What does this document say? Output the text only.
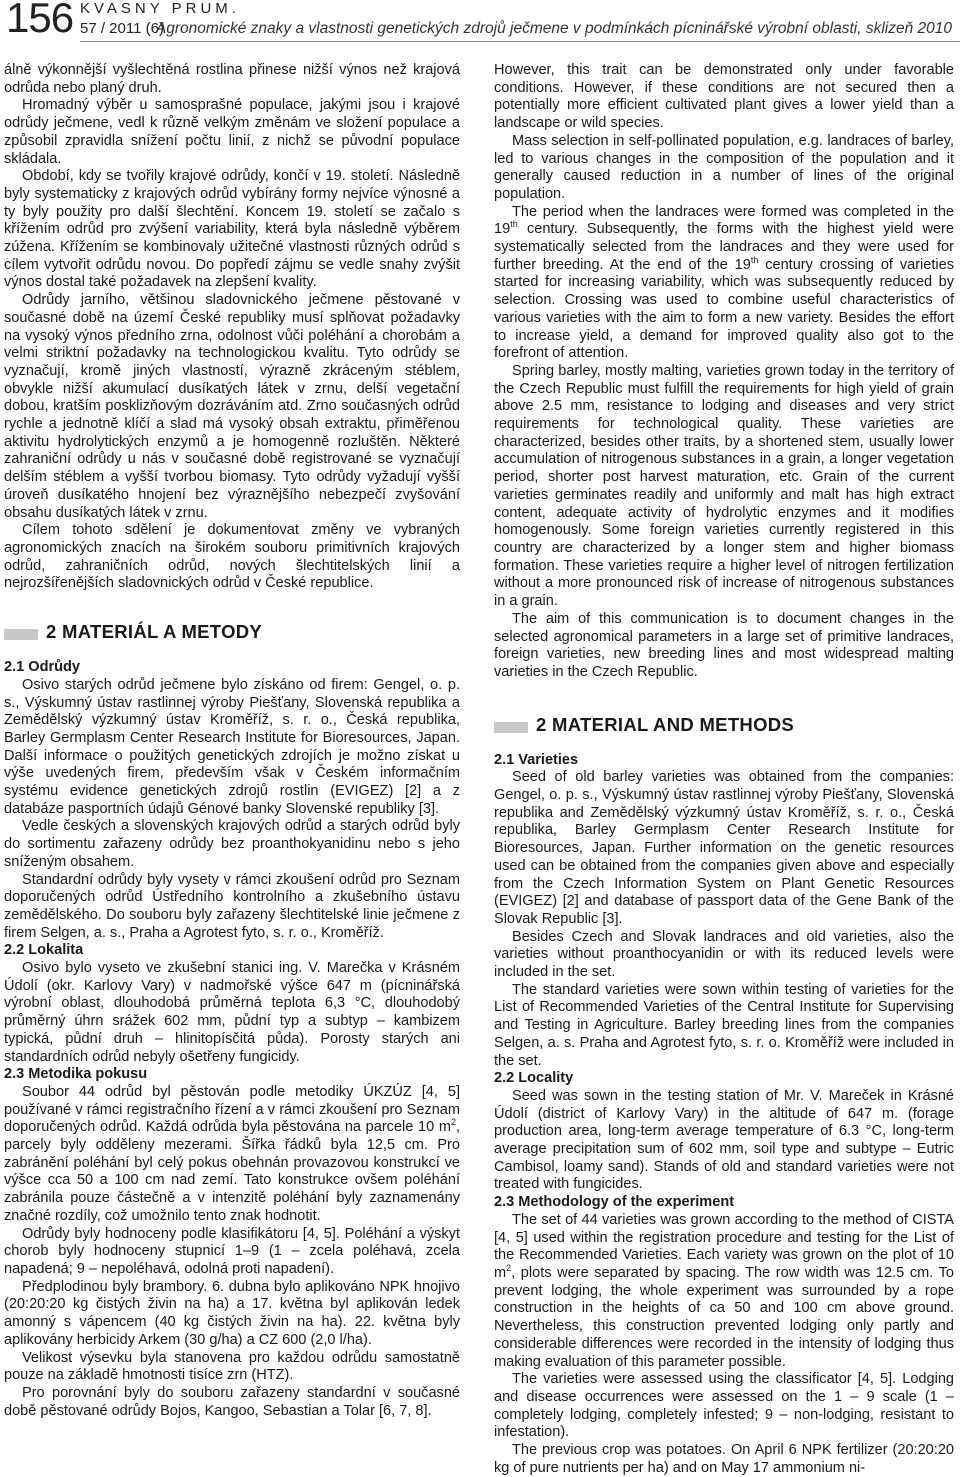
156 KVASNY PRUM.
57 / 2011 (6)
Agronomické znaky a vlastnosti genetických zdrojů ječmene v podmínkách pícninářské výrobní oblasti, sklizeň 2010

álně výkonnější vyšlechtěná rostlina přinese nižší výnos než krajová odrůda nebo planý druh.

Hromadný výběr u samosprašné populace, jakými jsou i krajové odrůdy ječmene, vedl k různě velkým změnám ve složení populace a způsobil zpravidla snížení počtu linií, z nichž se původní populace skládala.

Období, kdy se tvořily krajové odrůdy, končí v 19. století. Následně byly systematicky z krajových odrůd vybírány formy nejvíce výnosné a ty byly použity pro další šlechtění. Koncem 19. století se začalo s křížením odrůd pro zvýšení variability, která byla následně výběrem zúžena. Křížením se kombinovaly užitečné vlastnosti různých odrůd s cílem vytvořit odrůdu novou. Do popředí zájmu se vedle snahy zvýšit výnos dostal také požadavek na zlepšení kvality.

Odrůdy jarního, většinou sladovnického ječmene pěstované v současné době na území České republiky musí splňovat požadavky na vysoký výnos předního zrna, odolnost vůči poléhání a chorobám a velmi striktní požadavky na technologickou kvalitu. Tyto odrůdy se vyznačují, kromě jiných vlastností, výrazně zkráceným stéblem, obvykle nižší akumulací dusíkatých látek v zrnu, delší vegetační dobou, kratším posklizňovým dozráváním atd. Zrno současných odrůd rychle a jednotně klíčí a slad má vysoký obsah extraktu, přiměřenou aktivitu hydrolytických enzymů a je homogenně rozluštěn. Některé zahraniční odrůdy u nás v současné době registrované se vyznačují delším stéblem a vyšší tvorbou biomasy. Tyto odrůdy vyžadují vyšší úroveň dusíkatého hnojení bez výraznějšího nebezpečí zvyšování obsahu dusíkatých látek v zrnu.

Cílem tohoto sdělení je dokumentovat změny ve vybraných agronomických znacích na širokém souboru primitivních krajových odrůd, zahraničních odrůd, nových šlechtitelských linií a nejrozšířenějších sladovnických odrůd v České republice.

2 MATERIÁL A METODY

2.1 Odrůdy

Osivo starých odrůd ječmene bylo získáno od firem: Gengel, o. p. s., Výskumný ústav rastlinnej výroby Piešťany, Slovenská republika a Zemědělský výzkumný ústav Kroměříž, s. r. o., Česká republika, Barley Germplasm Center Research Institute for Bioresources, Japan. Další informace o použitých genetických zdrojích je možno získat u výše uvedených firem, především však v Českém informačním systému evidence genetických zdrojů rostlin (EVIGEZ) [2] a z databáze pasportních údajů Génové banky Slovenské republiky [3].

Vedle českých a slovenských krajových odrůd a starých odrůd byly do sortimentu zařazeny odrůdy bez proanthokyanidinu nebo s jeho sníženým obsahem.

Standardní odrůdy byly vysety v rámci zkoušení odrůd pro Seznam doporučených odrůd Ústředního kontrolního a zkušebního ústavu zemědělského. Do souboru byly zařazeny šlechtitelské linie ječmene z firem Selgen, a. s., Praha a Agrotest fyto, s. r. o., Kroměříž.

2.2 Lokalita

Osivo bylo vyseto ve zkušební stanici ing. V. Marečka v Krásném Údolí (okr. Karlovy Vary) v nadmořské výšce 647 m (pícninářská výrobní oblast, dlouhodobá průměrná teplota 6,3 °C, dlouhodobý průměrný úhrn srážek 602 mm, půdní typ a subtyp – kambizem typická, půdní druh – hlinitopísčitá půda). Porosty starých ani standardních odrůd nebyly ošetřeny fungicidy.

2.3 Metodika pokusu

Soubor 44 odrůd byl pěstován podle metodiky ÚKZÚZ [4, 5] používané v rámci registračního řízení a v rámci zkoušení pro Seznam doporučených odrůd. Každá odrůda byla pěstována na parcele 10 $m^2$, parcely byly odděleny mezerami. Šířka řádků byla 12,5 cm. Pro zabránění poléhání byl celý pokus obehnán provazovou konstrukcí ve výšce cca 50 a 100 cm nad zemí. Tato konstrukce ovšem poléhání zabránila pouze částečně a v intenzitě poléhání byly zaznamenány značné rozdíly, což umožnilo tento znak hodnotit.

Odrůdy byly hodnoceny podle klasifikátoru [4, 5]. Poléhání a výskyt chorob byly hodnoceny stupnicí 1–9 (1 – zcela poléhavá, zcela napadená; 9 – nepoléhavá, odolná proti napadení).

Předplodinou byly brambory. 6. dubna bylo aplikováno NPK hnojivo (20:20:20 kg čistých živin na ha) a 17. května byl aplikován ledek amonný s vápencem (40 kg čistých živin na ha). 22. května byly aplikovány herbicidy Arkem (30 g/ha) a CZ 600 (2,0 l/ha).

Velikost výsevku byla stanovena pro každou odrůdu samostatně pouze na základě hmotnosti tisíce zrn (HTZ).

Pro porovnání byly do souboru zařazeny standardní v současné době pěstované odrůdy Bojos, Kangoo, Sebastian a Tolar [6, 7, 8].

However, this trait can be demonstrated only under favorable conditions. However, if these conditions are not secured then a potentially more efficient cultivated plant gives a lower yield than a landscape or wild species.

Mass selection in self-pollinated population, e.g. landraces of barley, led to various changes in the composition of the population and it generally caused reduction in a number of lines of the original population.

The period when the landraces were formed was completed in the 19th century. Subsequently, the forms with the highest yield were systematically selected from the landraces and they were used for further breeding. At the end of the 19th century crossing of varieties started for increasing variability, which was subsequently reduced by selection. Crossing was used to combine useful characteristics of various varieties with the aim to form a new variety. Besides the effort to increase yield, a demand for improved quality also got to the forefront of attention.

Spring barley, mostly malting, varieties grown today in the territory of the Czech Republic must fulfill the requirements for high yield of grain above 2.5 mm, resistance to lodging and diseases and very strict requirements for technological quality. These varieties are characterized, besides other traits, by a shortened stem, usually lower accumulation of nitrogenous substances in a grain, a longer vegetation period, shorter post harvest maturation, etc. Grain of the current varieties germinates readily and uniformly and malt has high extract content, adequate activity of hydrolytic enzymes and it modifies homogenously. Some foreign varieties currently registered in this country are characterized by a longer stem and higher biomass formation. These varieties require a higher level of nitrogen fertilization without a more pronounced risk of increase of nitrogenous substances in a grain.

The aim of this communication is to document changes in the selected agronomical parameters in a large set of primitive landraces, foreign varieties, new breeding lines and most widespread malting varieties in the Czech Republic.

2 MATERIAL AND METHODS

2.1 Varieties

Seed of old barley varieties was obtained from the companies: Gengel, o. p. s., Výskumný ústav rastlinnej výroby Piešťany, Slovenská republika and Zemědělský výzkumný ústav Kroměříž, s. r. o., Česká republika, Barley Germplasm Center Research Institute for Bioresources, Japan. Further information on the genetic resources used can be obtained from the companies given above and especially from the Czech Information System on Plant Genetic Resources (EVIGEZ) [2] and database of passport data of the Gene Bank of the Slovak Republic [3].

Besides Czech and Slovak landraces and old varieties, also the varieties without proanthocyanidin or with its reduced levels were included in the set.

The standard varieties were sown within testing of varieties for the List of Recommended Varieties of the Central Institute for Supervising and Testing in Agriculture. Barley breeding lines from the companies Selgen, a. s. Praha and Agrotest fyto, s. r. o. Kroměříž were included in the set.

2.2 Locality

Seed was sown in the testing station of Mr. V. Mareček in Krásné Údolí (district of Karlovy Vary) in the altitude of 647 m. (forage production area, long-term average temperature of 6.3 °C, long-term average precipitation sum of 602 mm, soil type and subtype – Eutric Cambisol, loamy sand). Stands of old and standard varieties were not treated with fungicides.

2.3 Methodology of the experiment

The set of 44 varieties was grown according to the method of CISTA [4, 5] used within the registration procedure and testing for the List of the Recommended Varieties. Each variety was grown on the plot of 10 $m^2$, plots were separated by spacing. The row width was 12.5 cm. To prevent lodging, the whole experiment was surrounded by a rope construction in the heights of ca 50 and 100 cm above ground. Nevertheless, this construction prevented lodging only partly and considerable differences were recorded in the intensity of lodging thus making evaluation of this parameter possible.

The varieties were assessed using the classificator [4, 5]. Lodging and disease occurrences were assessed on the 1 – 9 scale (1 – completely lodging, completely infested; 9 – non-lodging, resistant to infestation).

The previous crop was potatoes. On April 6 NPK fertilizer (20:20:20 kg of pure nutrients per ha) and on May 17 ammonium ni-
